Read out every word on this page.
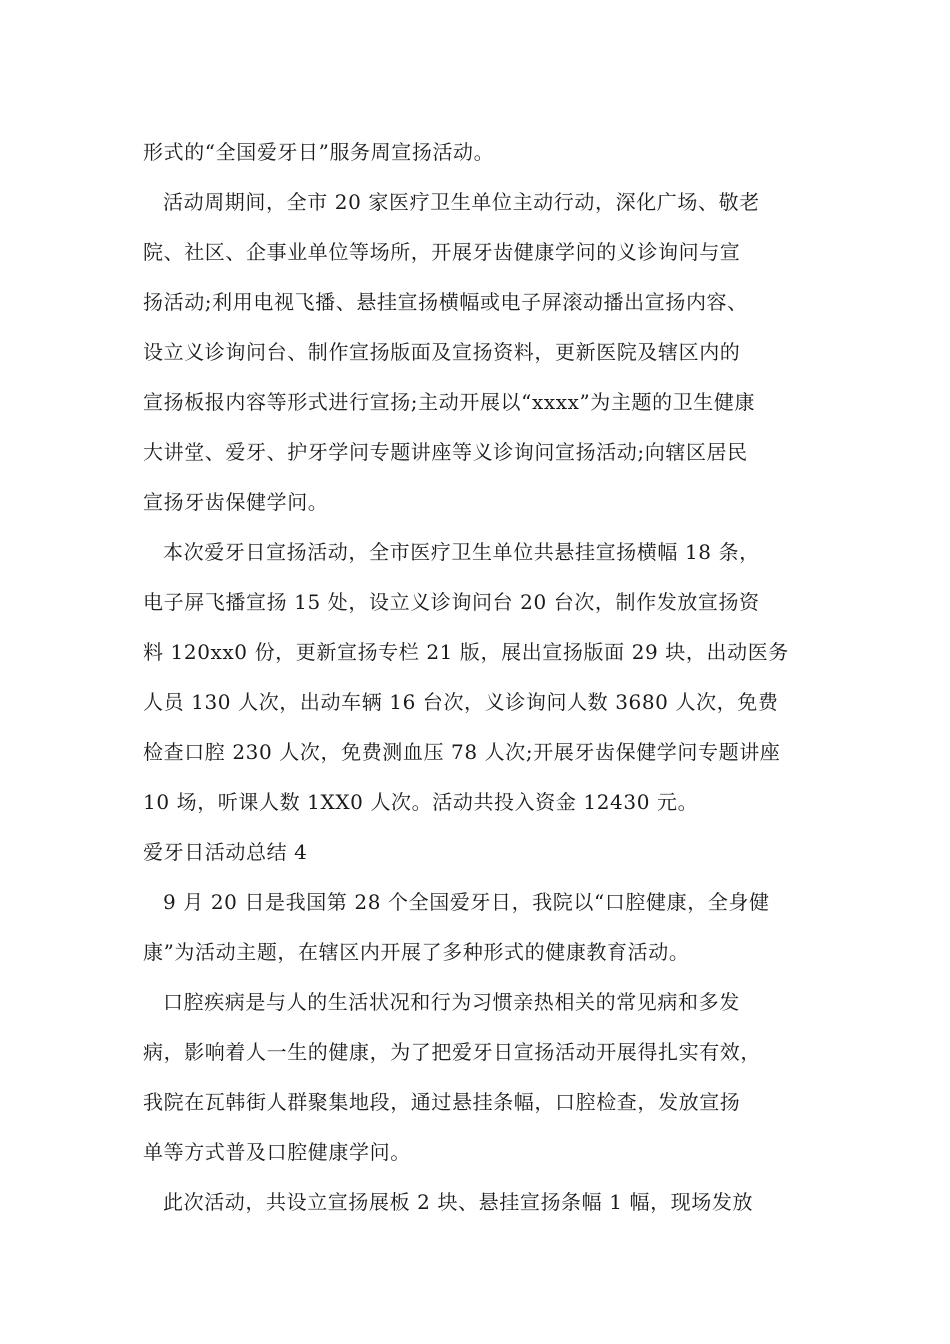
形式的“全国爱牙日”服务周宣扬活动。
活动周期间，全市 20 家医疗卫生单位主动行动，深化广场、敬老
院、社区、企事业单位等场所，开展牙齿健康学问的义诊询问与宣
扬活动;利用电视飞播、悬挂宣扬横幅或电子屏滚动播出宣扬内容、
设立义诊询问台、制作宣扬版面及宣扬资料，更新医院及辖区内的
宣扬板报内容等形式进行宣扬;主动开展以“xxxx”为主题的卫生健康
大讲堂、爱牙、护牙学问专题讲座等义诊询问宣扬活动;向辖区居民
宣扬牙齿保健学问。
本次爱牙日宣扬活动，全市医疗卫生单位共悬挂宣扬横幅 18 条，
电子屏飞播宣扬 15 处，设立义诊询问台 20 台次，制作发放宣扬资
料 120xx0 份，更新宣扬专栏 21 版，展出宣扬版面 29 块，出动医务
人员 130 人次，出动车辆 16 台次，义诊询问人数 3680 人次，免费
检查口腔 230 人次，免费测血压 78 人次;开展牙齿保健学问专题讲座
10 场，听课人数 1XX0 人次。活动共投入资金 12430 元。
爱牙日活动总结 4
9 月 20 日是我国第 28 个全国爱牙日，我院以“口腔健康，全身健
康”为活动主题，在辖区内开展了多种形式的健康教育活动。
口腔疾病是与人的生活状况和行为习惯亲热相关的常见病和多发
病，影响着人一生的健康，为了把爱牙日宣扬活动开展得扎实有效，
我院在瓦韩街人群聚集地段，通过悬挂条幅，口腔检查，发放宣扬
单等方式普及口腔健康学问。
此次活动，共设立宣扬展板 2 块、悬挂宣扬条幅 1 幅，现场发放
